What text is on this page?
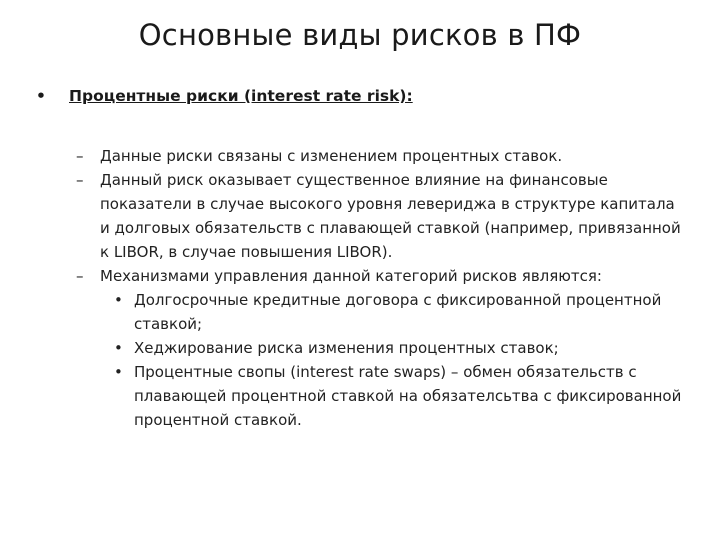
Основные виды рисков в ПФ
• Процентные риски (interest rate risk):
– Данные риски связаны с изменением процентных ставок.
– Данный риск оказывает существенное влияние на финансовые показатели в случае высокого уровня левериджа в структуре капитала и долговых обязательств с плавающей ставкой (например, привязанной к LIBOR, в случае повышения LIBOR).
– Механизмами управления данной категорий рисков являются:
• Долгосрочные кредитные договора с фиксированной процентной ставкой;
• Хеджирование риска изменения процентных ставок;
• Процентные свопы (interest rate swaps) – обмен обязательств с плавающей процентной ставкой на обязателсьтва с фиксированной процентной ставкой.
